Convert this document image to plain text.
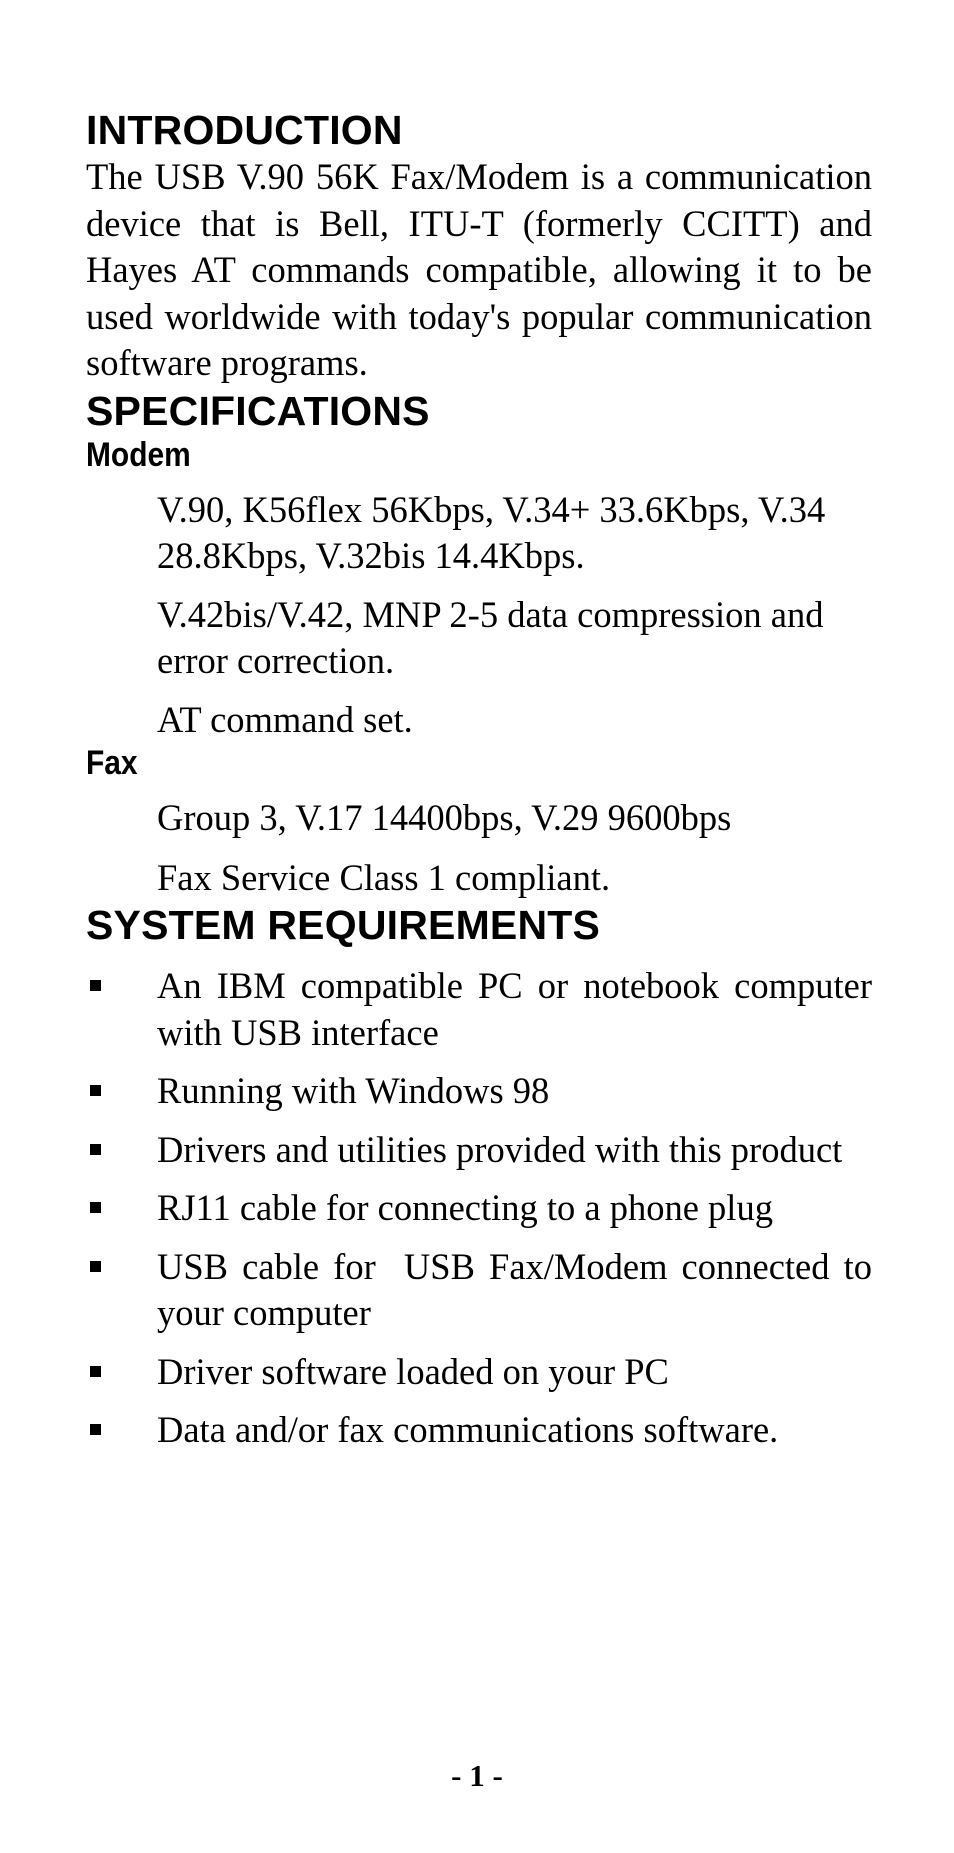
INTRODUCTION

The USB V.90 56K Fax/Modem is a communication device that is Bell, ITU-T (formerly CCITT) and Hayes AT commands compatible, allowing it to be used worldwide with today's popular communication software programs.

SPECIFICATIONS
Modem

V.90, K56flex 56Kbps, V.34+ 33.6Kbps, V.34 28.8Kbps, V.32bis 14.4Kbps.

V.42bis/V.42, MNP 2-5 data compression and error correction.

AT command set.

Fax

Group 3, V.17 14400bps, V.29 9600bps

Fax Service Class 1 compliant.

SYSTEM REQUIREMENTS
An IBM compatible PC or notebook computer with USB interface
Running with Windows 98
Drivers and utilities provided with this product
RJ11 cable for connecting to a phone plug
USB cable for  USB Fax/Modem connected to your computer
Driver software loaded on your PC
Data and/or fax communications software.
- 1 -
